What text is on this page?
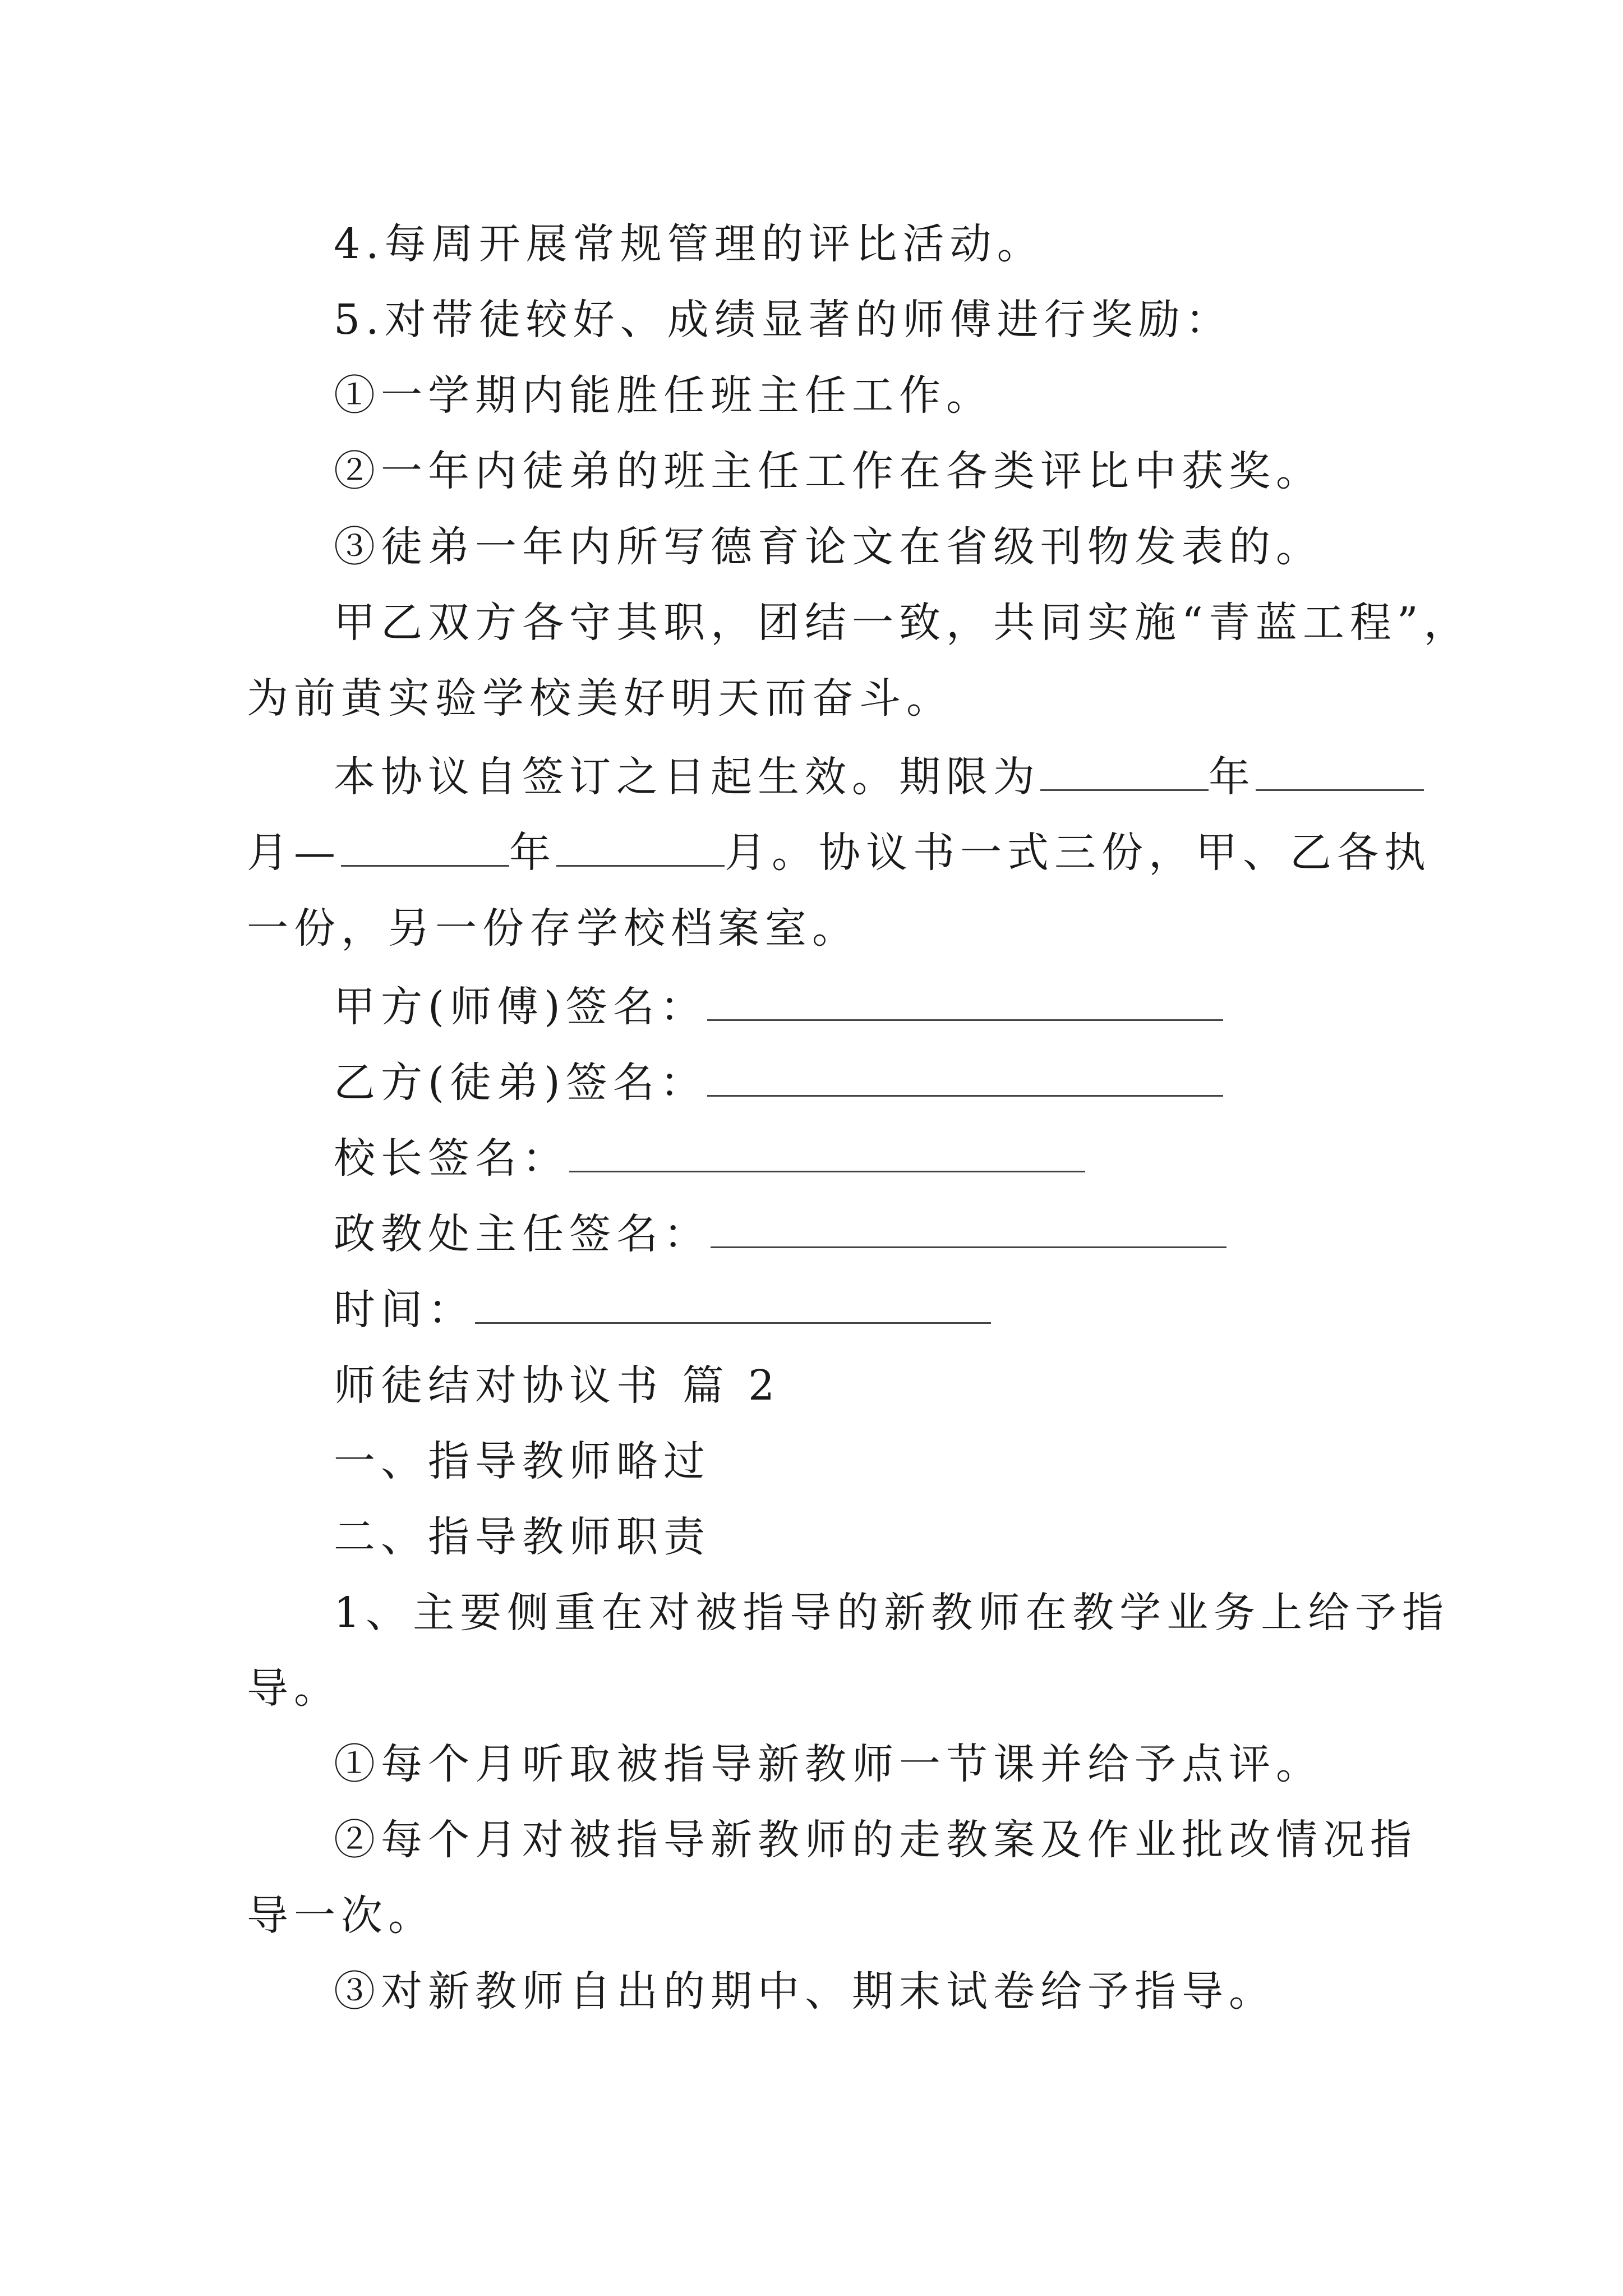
4.每周开展常规管理的评比活动。
5.对带徒较好、成绩显著的师傅进行奖励：
①一学期内能胜任班主任工作。
②一年内徒弟的班主任工作在各类评比中获奖。
③徒弟一年内所写德育论文在省级刊物发表的。
甲乙双方各守其职，团结一致，共同实施“青蓝工程”，
为前黄实验学校美好明天而奋斗。
本协议自签订之日起生效。期限为	年
月—	年	月。协议书一式三份，甲、乙各执
一份，另一份存学校档案室。
甲方(师傅)签名：
乙方(徒弟)签名：
校长签名：
政教处主任签名：
时间：
师徒结对协议书 篇 2
一、指导教师略过
二、指导教师职责
1、主要侧重在对被指导的新教师在教学业务上给予指
导。
①每个月听取被指导新教师一节课并给予点评。
②每个月对被指导新教师的走教案及作业批改情况指
导一次。
③对新教师自出的期中、期末试卷给予指导。
